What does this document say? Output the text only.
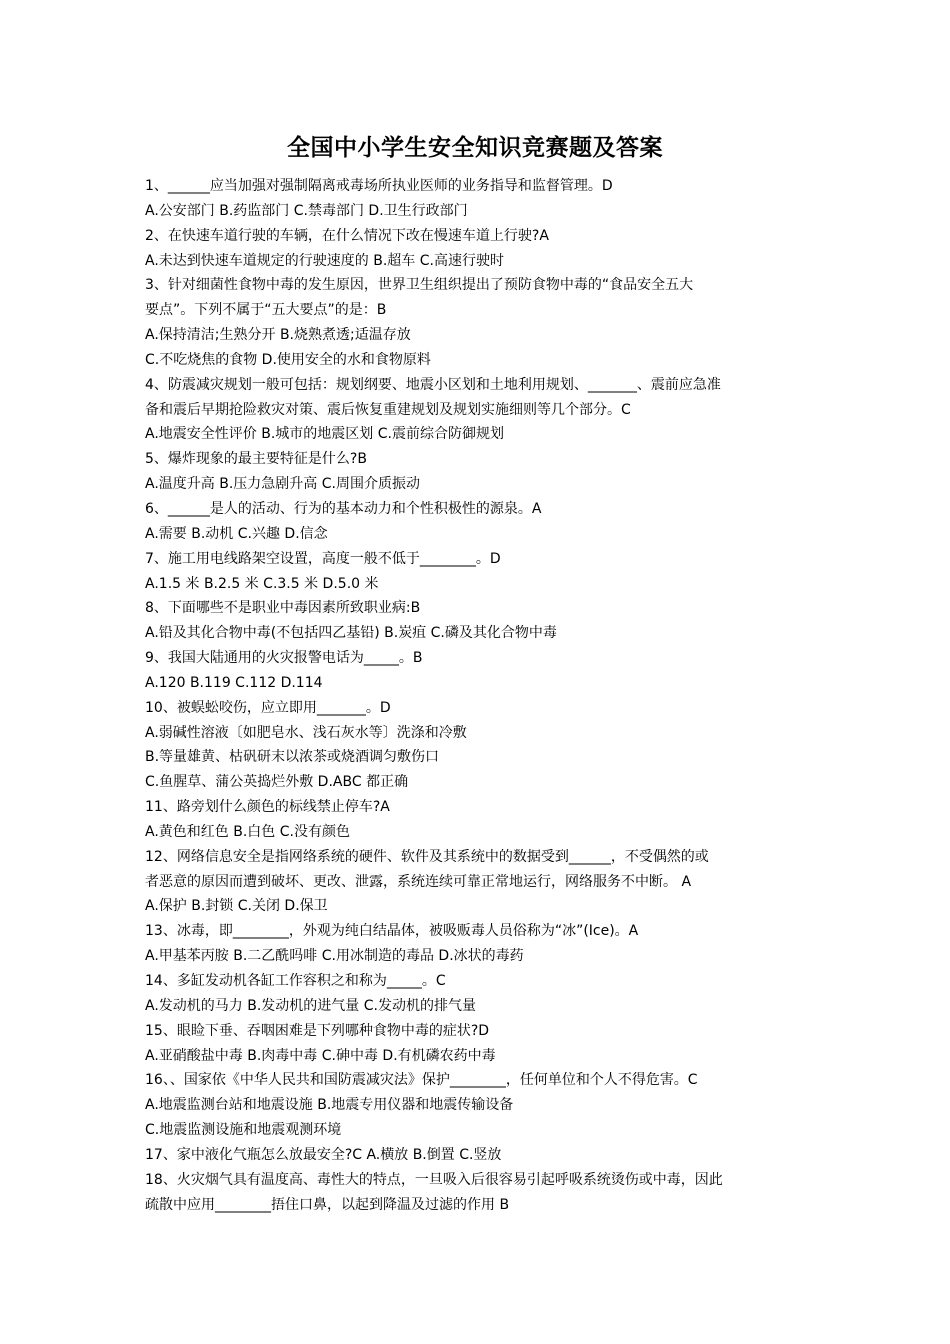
全国中小学生安全知识竞赛题及答案
1、______应当加强对强制隔离戒毒场所执业医师的业务指导和监督管理。D
A.公安部门 B.药监部门 C.禁毒部门 D.卫生行政部门
2、在快速车道行驶的车辆，在什么情况下改在慢速车道上行驶?A
A.未达到快速车道规定的行驶速度的 B.超车 C.高速行驶时
3、针对细菌性食物中毒的发生原因，世界卫生组织提出了预防食物中毒的“食品安全五大
要点”。下列不属于“五大要点”的是：B
A.保持清洁;生熟分开 B.烧熟煮透;适温存放
C.不吃烧焦的食物 D.使用安全的水和食物原料
4、防震减灾规划一般可包括：规划纲要、地震小区划和土地利用规划、_______、震前应急准
备和震后早期抢险救灾对策、震后恢复重建规划及规划实施细则等几个部分。C
A.地震安全性评价 B.城市的地震区划 C.震前综合防御规划
5、爆炸现象的最主要特征是什么?B
A.温度升高 B.压力急剧升高 C.周围介质振动
6、______是人的活动、行为的基本动力和个性积极性的源泉。A
A.需要 B.动机 C.兴趣 D.信念
7、施工用电线路架空设置，高度一般不低于________。D
A.1.5 米 B.2.5 米 C.3.5 米 D.5.0 米
8、下面哪些不是职业中毒因素所致职业病:B
A.铅及其化合物中毒(不包括四乙基铅) B.炭疽 C.磷及其化合物中毒
9、我国大陆通用的火灾报警电话为_____。B
A.120 B.119 C.112 D.114
10、被蜈蚣咬伤，应立即用_______。D
A.弱碱性溶液〔如肥皂水、浅石灰水等〕洗涤和冷敷
B.等量雄黄、枯矾研末以浓茶或烧酒调匀敷伤口
C.鱼腥草、蒲公英捣烂外敷 D.ABC 都正确
11、路旁划什么颜色的标线禁止停车?A
A.黄色和红色 B.白色 C.没有颜色
12、网络信息安全是指网络系统的硬件、软件及其系统中的数据受到______，不受偶然的或
者恶意的原因而遭到破坏、更改、泄露，系统连续可靠正常地运行，网络服务不中断。 A
A.保护 B.封锁 C.关闭 D.保卫
13、冰毒，即________，外观为纯白结晶体，被吸贩毒人员俗称为“冰”(Ice)。A
A.甲基苯丙胺 B.二乙酰吗啡 C.用冰制造的毒品 D.冰状的毒药
14、多缸发动机各缸工作容积之和称为_____。C
A.发动机的马力 B.发动机的进气量 C.发动机的排气量
15、眼睑下垂、吞咽困难是下列哪种食物中毒的症状?D
A.亚硝酸盐中毒 B.肉毒中毒 C.砷中毒 D.有机磷农药中毒
16、、国家依《中华人民共和国防震减灾法》保护________，任何单位和个人不得危害。C
A.地震监测台站和地震设施 B.地震专用仪器和地震传输设备
C.地震监测设施和地震观测环境
17、家中液化气瓶怎么放最安全?C A.横放 B.倒置 C.竖放
18、火灾烟气具有温度高、毒性大的特点，一旦吸入后很容易引起呼吸系统烫伤或中毒，因此
疏散中应用________捂住口鼻，以起到降温及过滤的作用 B
